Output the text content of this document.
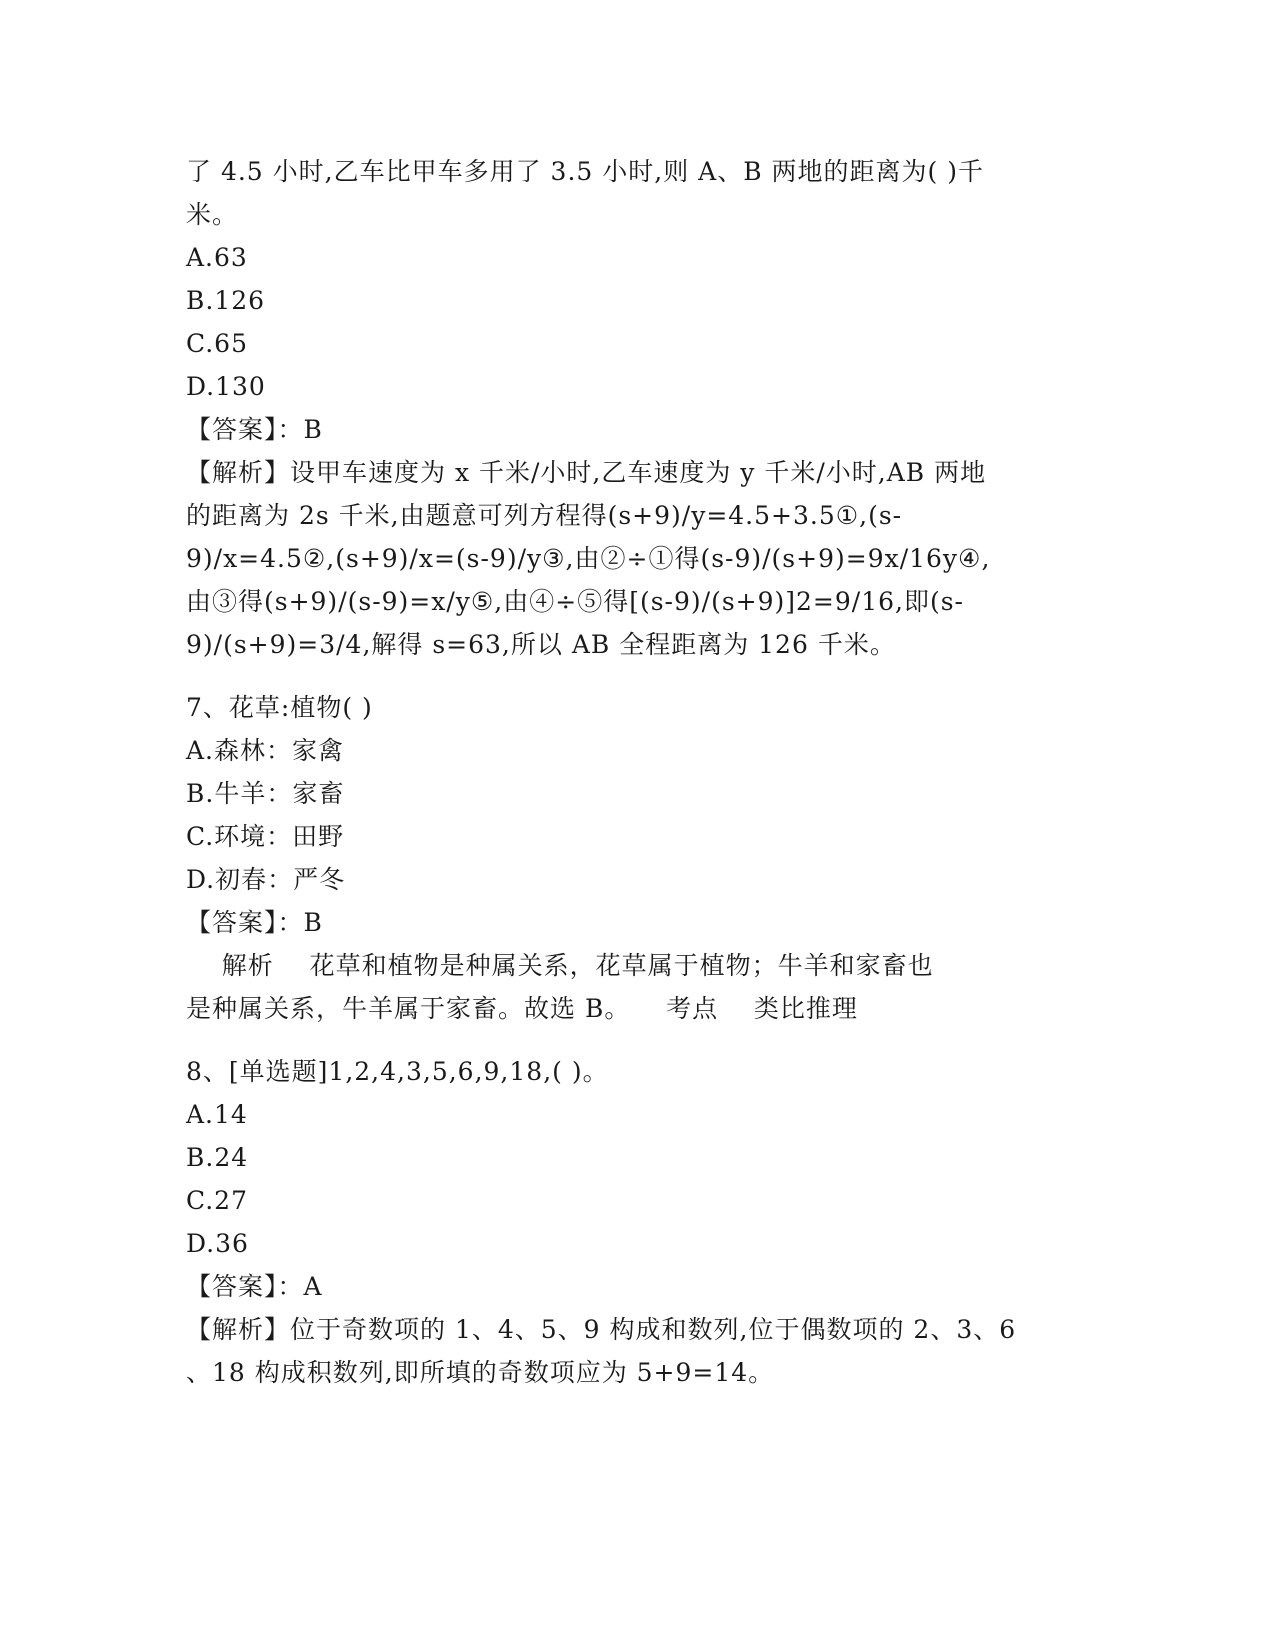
了 4.5 小时,乙车比甲车多用了 3.5 小时,则 A、B 两地的距离为( )千
米。
A.63
B.126
C.65
D.130
【答案】：B
【解析】设甲车速度为 x 千米/小时,乙车速度为 y 千米/小时,AB 两地
的距离为 2s 千米,由题意可列方程得(s+9)/y=4.5+3.5①,(s-
9)/x=4.5②,(s+9)/x=(s-9)/y③,由②÷①得(s-9)/(s+9)=9x/16y④,
由③得(s+9)/(s-9)=x/y⑤,由④÷⑤得[(s-9)/(s+9)]2=9/16,即(s-
9)/(s+9)=3/4,解得 s=63,所以 AB 全程距离为 126 千米。
7、花草:植物( )
A.森林：家禽
B.牛羊：家畜
C.环境：田野
D.初春：严冬
【答案】：B
解析    花草和植物是种属关系，花草属于植物；牛羊和家畜也
是种属关系，牛羊属于家畜。故选 B。    考点    类比推理
8、[单选题]1,2,4,3,5,6,9,18,( )。
A.14
B.24
C.27
D.36
【答案】：A
【解析】位于奇数项的 1、4、5、9 构成和数列,位于偶数项的 2、3、6
、18 构成积数列,即所填的奇数项应为 5+9=14。
